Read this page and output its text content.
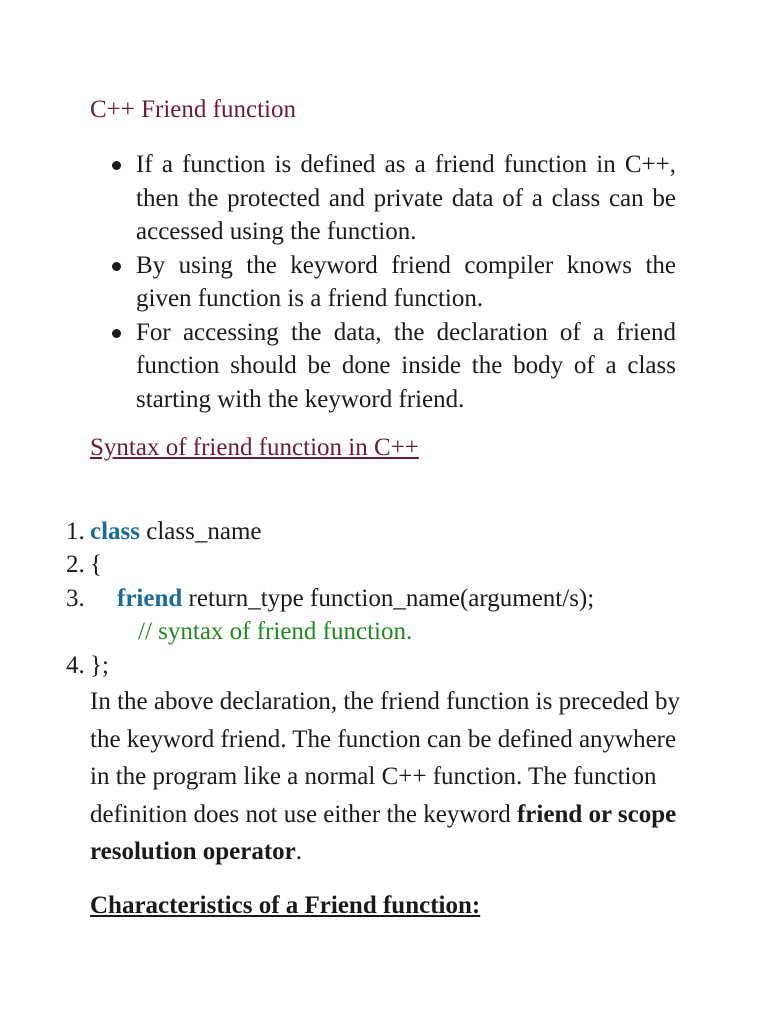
C++ Friend function
If a function is defined as a friend function in C++, then the protected and private data of a class can be accessed using the function.
By using the keyword friend compiler knows the given function is a friend function.
For accessing the data, the declaration of a friend function should be done inside the body of a class starting with the keyword friend.
Syntax of friend function in C++
1. class class_name
2. {
3. friend return_type function_name(argument/s);
// syntax of friend function.
4. };

In the above declaration, the friend function is preceded by the keyword friend. The function can be defined anywhere in the program like a normal C++ function. The function definition does not use either the keyword friend or scope resolution operator.

Characteristics of a Friend function:
